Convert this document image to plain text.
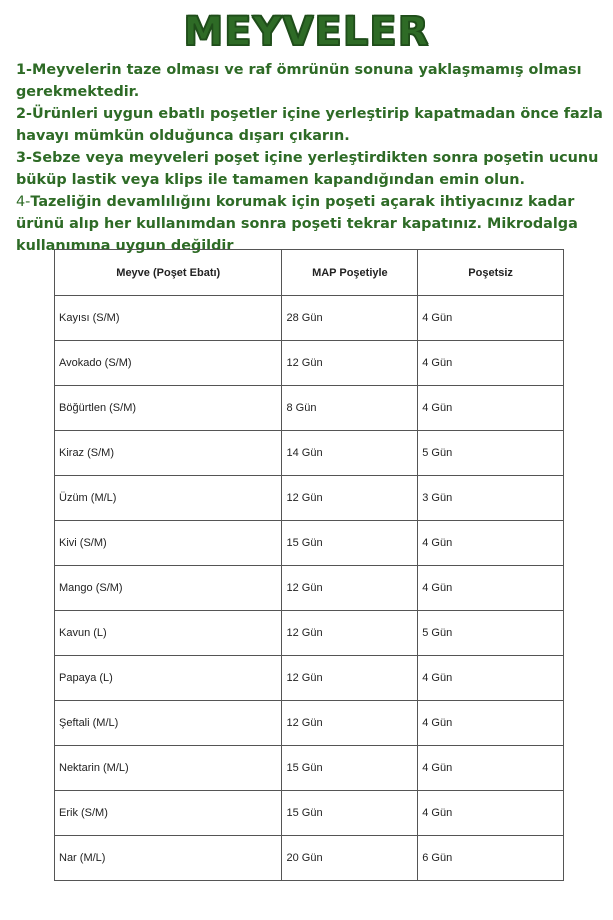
MEYVELER

1-Meyvelerin taze olması ve raf ömrünün sonuna yaklaşmamış olması gerekmektedir.

2-Ürünleri uygun ebatlı poşetler içine yerleştirip kapatmadan önce fazla havayı mümkün olduğunca dışarı çıkarın.

3-Sebze veya meyveleri poşet içine yerleştirdikten sonra poşetin ucunu büküp lastik veya klips ile tamamen kapandığından emin olun.

4-Tazeliğin devamlılığını korumak için poşeti açarak ihtiyacınız kadar ürünü alıp her kullanımdan sonra poşeti tekrar kapatınız. Mikrodalga kullanımına uygun değildir

Meyve (Poşet Ebatı)	MAP Poşetiyle	Poşetsiz
Kayısı (S/M)	28 Gün	4 Gün
Avokado (S/M)	12 Gün	4 Gün
Böğürtlen (S/M)	8 Gün	4 Gün
Kiraz (S/M)	14 Gün	5 Gün
Üzüm (M/L)	12 Gün	3 Gün
Kivi (S/M)	15 Gün	4 Gün
Mango (S/M)	12 Gün	4 Gün
Kavun (L)	12 Gün	5 Gün
Papaya (L)	12 Gün	4 Gün
Şeftali (M/L)	12 Gün	4 Gün
Nektarin (M/L)	15 Gün	4 Gün
Erik (S/M)	15 Gün	4 Gün
Nar (M/L)	20 Gün	6 Gün
